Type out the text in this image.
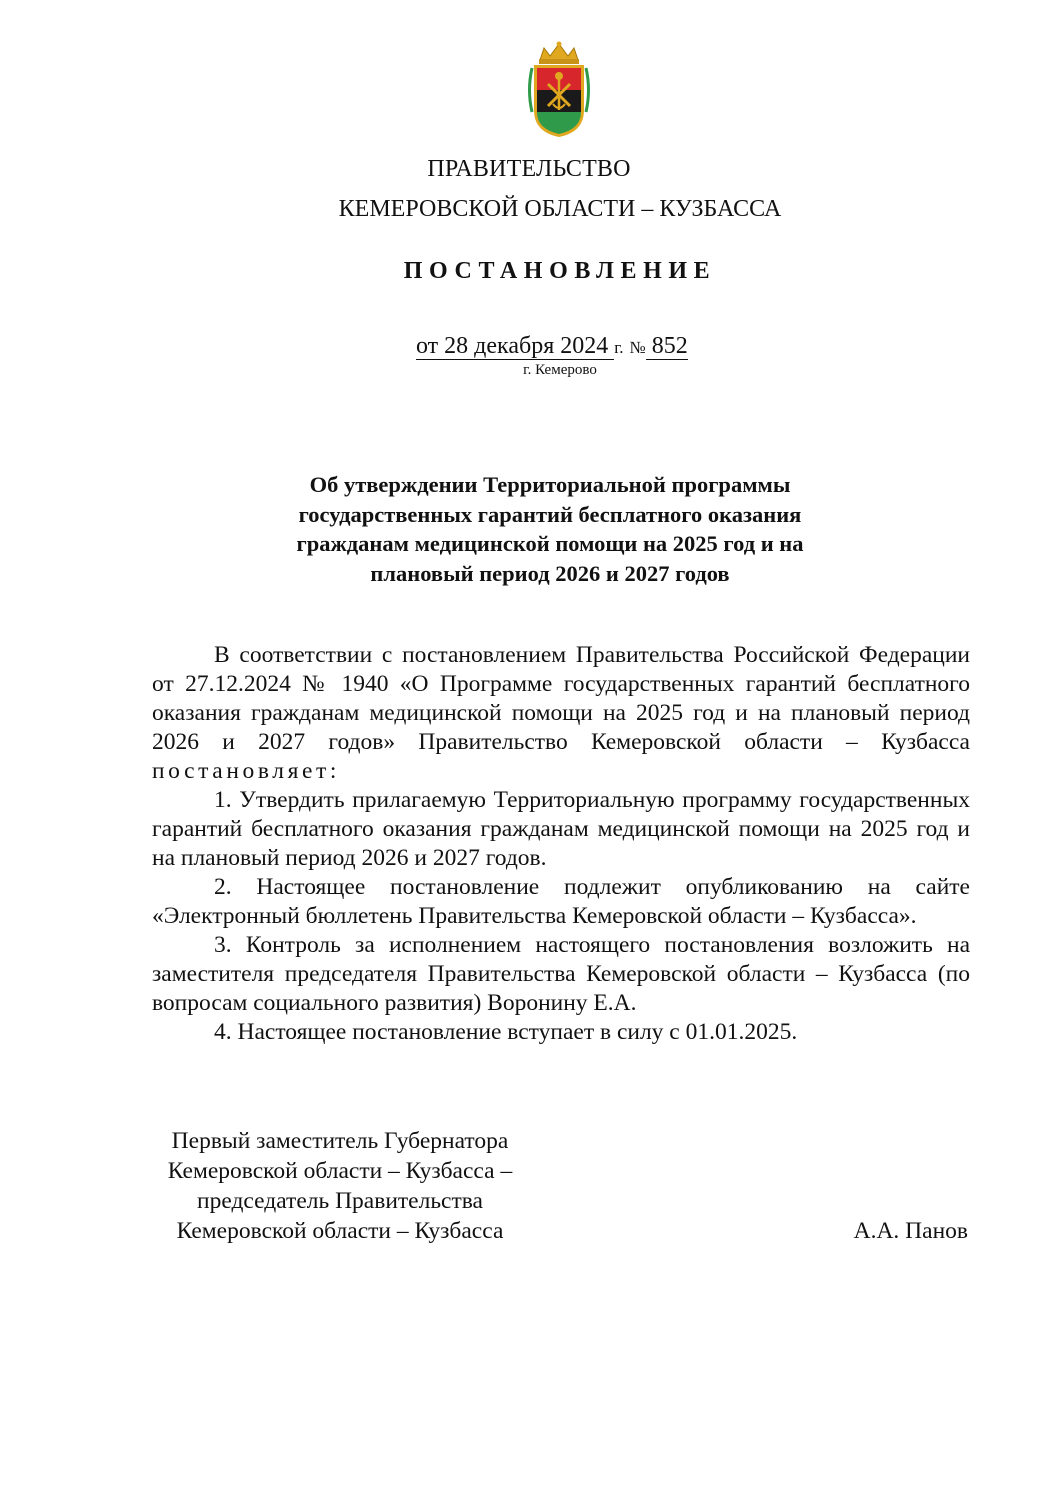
ПРАВИТЕЛЬСТВО
КЕМЕРОВСКОЙ ОБЛАСТИ – КУЗБАССА
ПОСТАНОВЛЕНИЕ
от 28 декабря 2024 г. № 852
г. Кемерово
Об утверждении Территориальной программы
государственных гарантий бесплатного оказания
гражданам медицинской помощи на 2025 год и на
плановый период 2026 и 2027 годов

В соответствии с постановлением Правительства Российской Федерации от 27.12.2024 № 1940 «О Программе государственных гарантий бесплатного оказания гражданам медицинской помощи на 2025 год и на плановый период 2026 и 2027 годов» Правительство Кемеровской области – Кузбасса постановляет:

1. Утвердить прилагаемую Территориальную программу государственных гарантий бесплатного оказания гражданам медицинской помощи на 2025 год и на плановый период 2026 и 2027 годов.

2. Настоящее постановление подлежит опубликованию на сайте «Электронный бюллетень Правительства Кемеровской области – Кузбасса».

3. Контроль за исполнением настоящего постановления возложить на заместителя председателя Правительства Кемеровской области – Кузбасса (по вопросам социального развития) Воронину Е.А.

4. Настоящее постановление вступает в силу с 01.01.2025.

Первый заместитель Губернатора
Кемеровской области – Кузбасса –
председатель Правительства
Кемеровской области – Кузбасса	А.А. Панов
